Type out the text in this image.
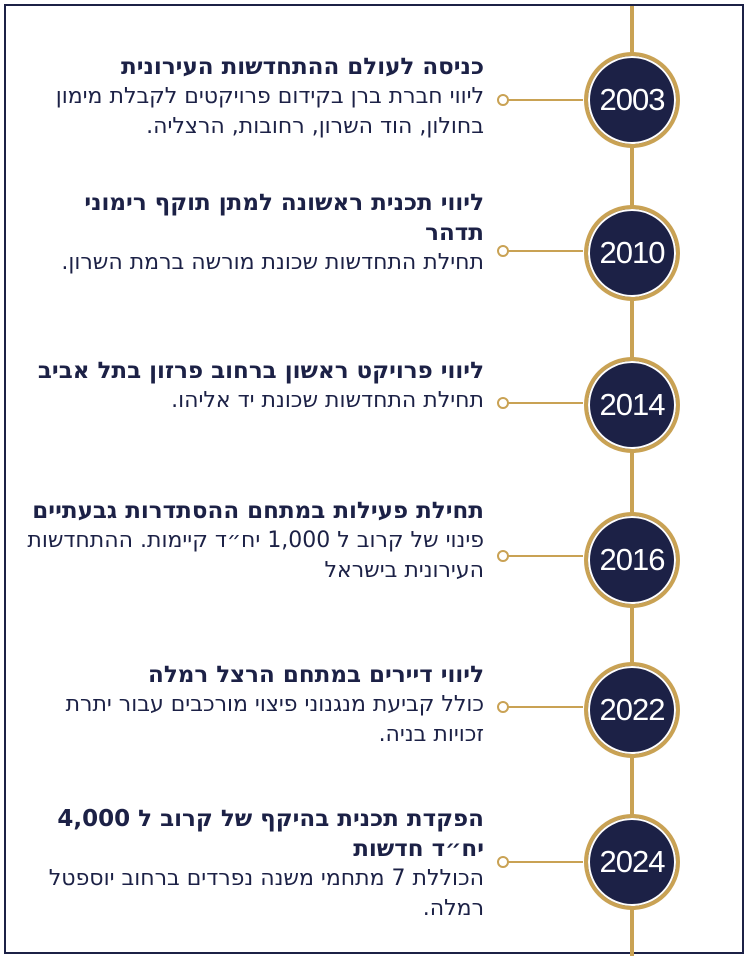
2003

כניסה לעולם ההתחדשות העירונית

ליווי חברת ברן בקידום פרויקטים לקבלת מימון בחולון, הוד השרון, רחובות, הרצליה.

2010

ליווי תכנית ראשונה למתן תוקף רימוני תדהר

תחילת התחדשות שכונת מורשה ברמת השרון.

2014

ליווי פרויקט ראשון ברחוב פרזון בתל אביב

תחילת התחדשות שכונת יד אליהו.

2016

תחילת פעילות במתחם ההסתדרות גבעתיים

פינוי של קרוב ל 1,000 יח״ד קיימות. ההתחדשות העירונית בישראל

2022

ליווי דיירים במתחם הרצל רמלה

כולל קביעת מנגנוני פיצוי מורכבים עבור יתרת זכויות בניה.

2024

הפקדת תכנית בהיקף של קרוב ל 4,000 יח״ד חדשות

הכוללת 7 מתחמי משנה נפרדים ברחוב יוספטל רמלה.
